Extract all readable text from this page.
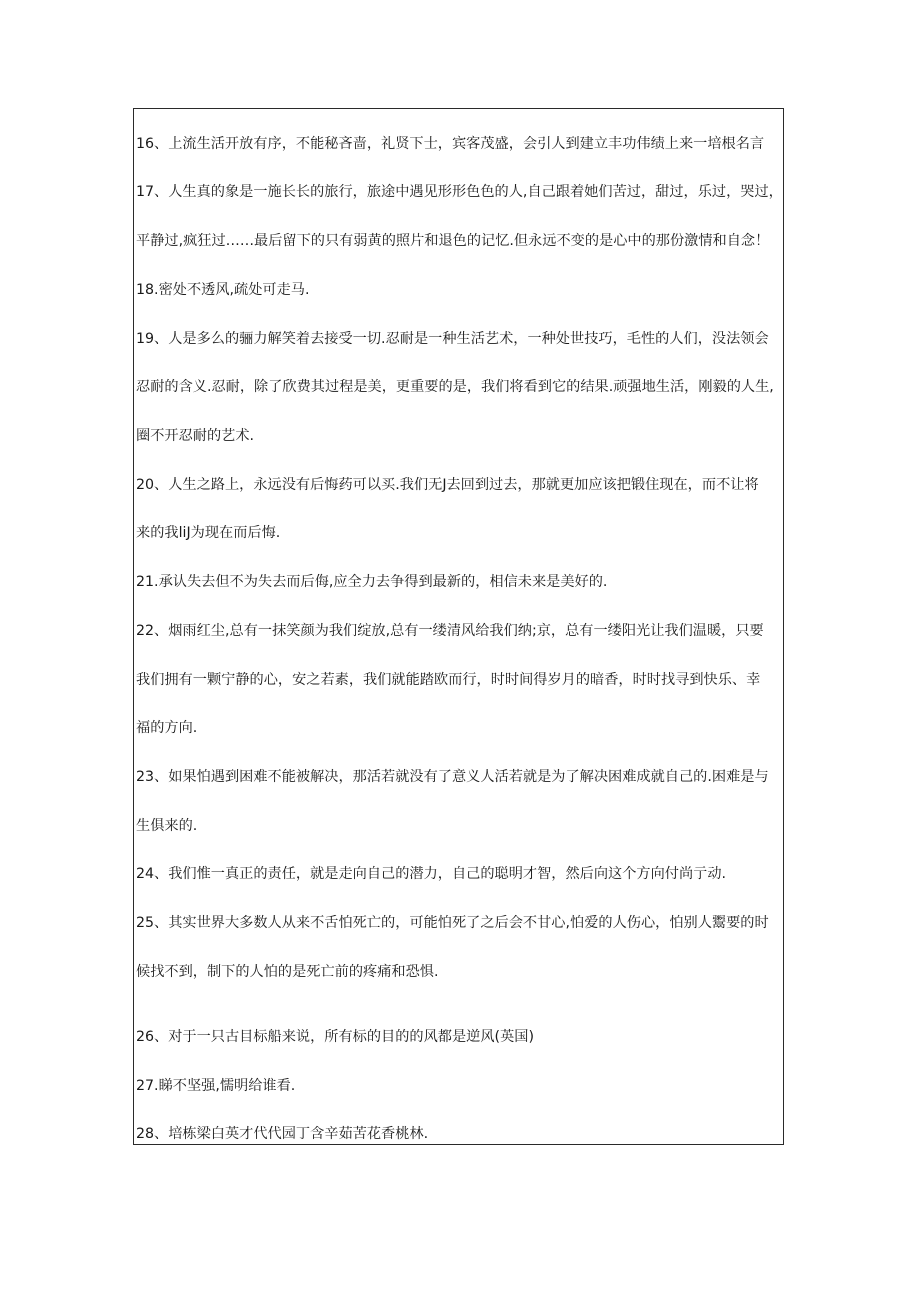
16、上流生活开放有序，不能秘吝啬，礼贤下士，宾客茂盛，会引人到建立丰功伟绩上来一培根名言
17、人生真的象是一施长长的旅行，旅途中遇见形形色色的人,自己跟着她们苦过，甜过，乐过，哭过，
平静过,疯狂过……最后留下的只有弱黄的照片和退色的记忆.但永远不变的是心中的那份激情和自念！
18.密处不透风,疏处可走马.
19、人是多么的骊力解笑着去接受一切.忍耐是一种生活艺术，一种处世技巧，毛性的人们，没法领会
忍耐的含义.忍耐，除了欣费其过程是美，更重要的是，我们将看到它的结果.顽强地生活，刚毅的人生,
圈不开忍耐的艺术.
20、人生之路上，永远没有后悔药可以买.我们无J去回到过去，那就更加应该把锻住现在，而不让将
来的我liJ为现在而后悔.
21.承认失去但不为失去而后侮,应全力去争得到最新的，相信未来是美好的.
22、烟雨红尘,总有一抹笑颜为我们绽放,总有一缕清风给我们纳;京，总有一缕阳光让我们温暖，只要
我们拥有一颗宁静的心，安之若素，我们就能踏欧而行，时时间得岁月的暗香，时时找寻到快乐、幸
福的方向.
23、如果怕遇到困难不能被解决，那活若就没有了意义人活若就是为了解决困难成就自己的.困难是与
生俱来的.
24、我们惟一真正的责任，就是走向自己的潜力，自己的聪明才智，然后向这个方向付尚亍动.
25、其实世界大多数人从来不舌怕死亡的，可能怕死了之后会不甘心,怕爱的人伤心，怕别人鬻要的时
候找不到，制下的人怕的是死亡前的疼痛和恐惧.
26、对于一只古目标船来说，所有标的目的的风都是逆风(英国)
27.睇不坚强,懦明给谁看.
28、培栋梁白英才代代园丁含辛茹苦花香桃林.
